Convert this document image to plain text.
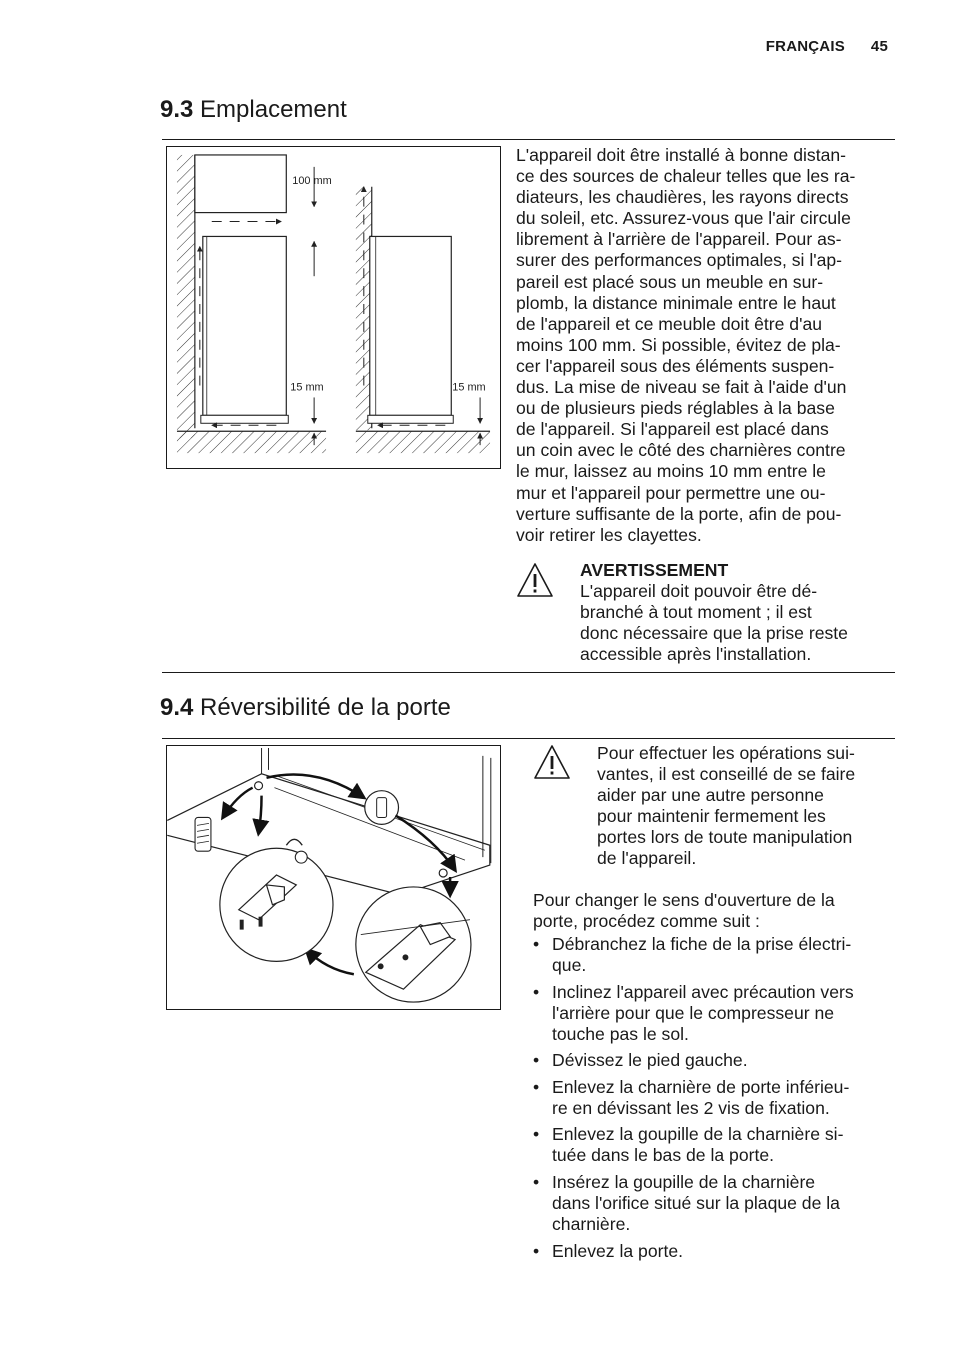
FRANÇAIS 45
9.3 Emplacement
100 mm
15 mm	15 mm
L'appareil doit être installé à bonne distan-
ce des sources de chaleur telles que les ra-
diateurs, les chaudières, les rayons directs
du soleil, etc. Assurez-vous que l'air circule
librement à l'arrière de l'appareil. Pour as-
surer des performances optimales, si l'ap-
pareil est placé sous un meuble en sur-
plomb, la distance minimale entre le haut
de l'appareil et ce meuble doit être d'au
moins 100 mm. Si possible, évitez de pla-
cer l'appareil sous des éléments suspen-
dus. La mise de niveau se fait à l'aide d'un
ou de plusieurs pieds réglables à la base
de l'appareil. Si l'appareil est placé dans
un coin avec le côté des charnières contre
le mur, laissez au moins 10 mm entre le
mur et l'appareil pour permettre une ou-
verture suffisante de la porte, afin de pou-
voir retirer les clayettes.
AVERTISSEMENT
L'appareil doit pouvoir être dé-
branché à tout moment ; il est
donc nécessaire que la prise reste
accessible après l'installation.
9.4 Réversibilité de la porte
Pour effectuer les opérations sui-
vantes, il est conseillé de se faire
aider par une autre personne
pour maintenir fermement les
portes lors de toute manipulation
de l'appareil.
Pour changer le sens d'ouverture de la
porte, procédez comme suit :
• Débranchez la fiche de la prise électri-
que.
• Inclinez l'appareil avec précaution vers
l'arrière pour que le compresseur ne
touche pas le sol.
• Dévissez le pied gauche.
• Enlevez la charnière de porte inférieu-
re en dévissant les 2 vis de fixation.
• Enlevez la goupille de la charnière si-
tuée dans le bas de la porte.
• Insérez la goupille de la charnière
dans l'orifice situé sur la plaque de la
charnière.
• Enlevez la porte.
